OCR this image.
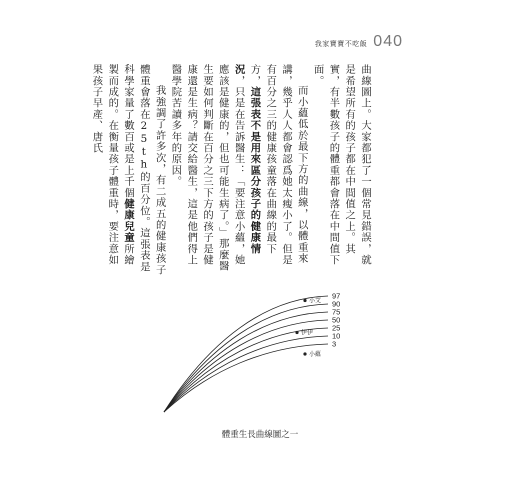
我家寶寶不吃飯 040

曲線圖上。大家都犯了一個常見錯誤，就是希望所有的孩子都在中間值之上。其實，有半數孩子的體重都會落在中間值下面。

而小蘊低於最下方的曲線，以體重來講，幾乎人人都會認爲她太瘦小了。但是有百分之三的健康孩童落在曲線的最下方，這張表不是用來區分孩子的健康情況，只是在告訴醫生：「要注意小蘊，她應該是健康的，但也可能生病了。」那麼醫生要如何判斷在百分之三下方的孩子是健康還是生病？請交給醫生，這是他們得上醫學院苦讀多年的原因。

我強調了許多次，有二成五的健康孩子體重會落在25th的百分位。這張表是科學家量了數百或是上千個健康兒童所繪製而成的。在衡量孩子體重時，要注意如果孩子早產、唐氏

97
90
75
50
25
10
3
小艾
伊伊
小蘊
體重生長曲線圖之一
